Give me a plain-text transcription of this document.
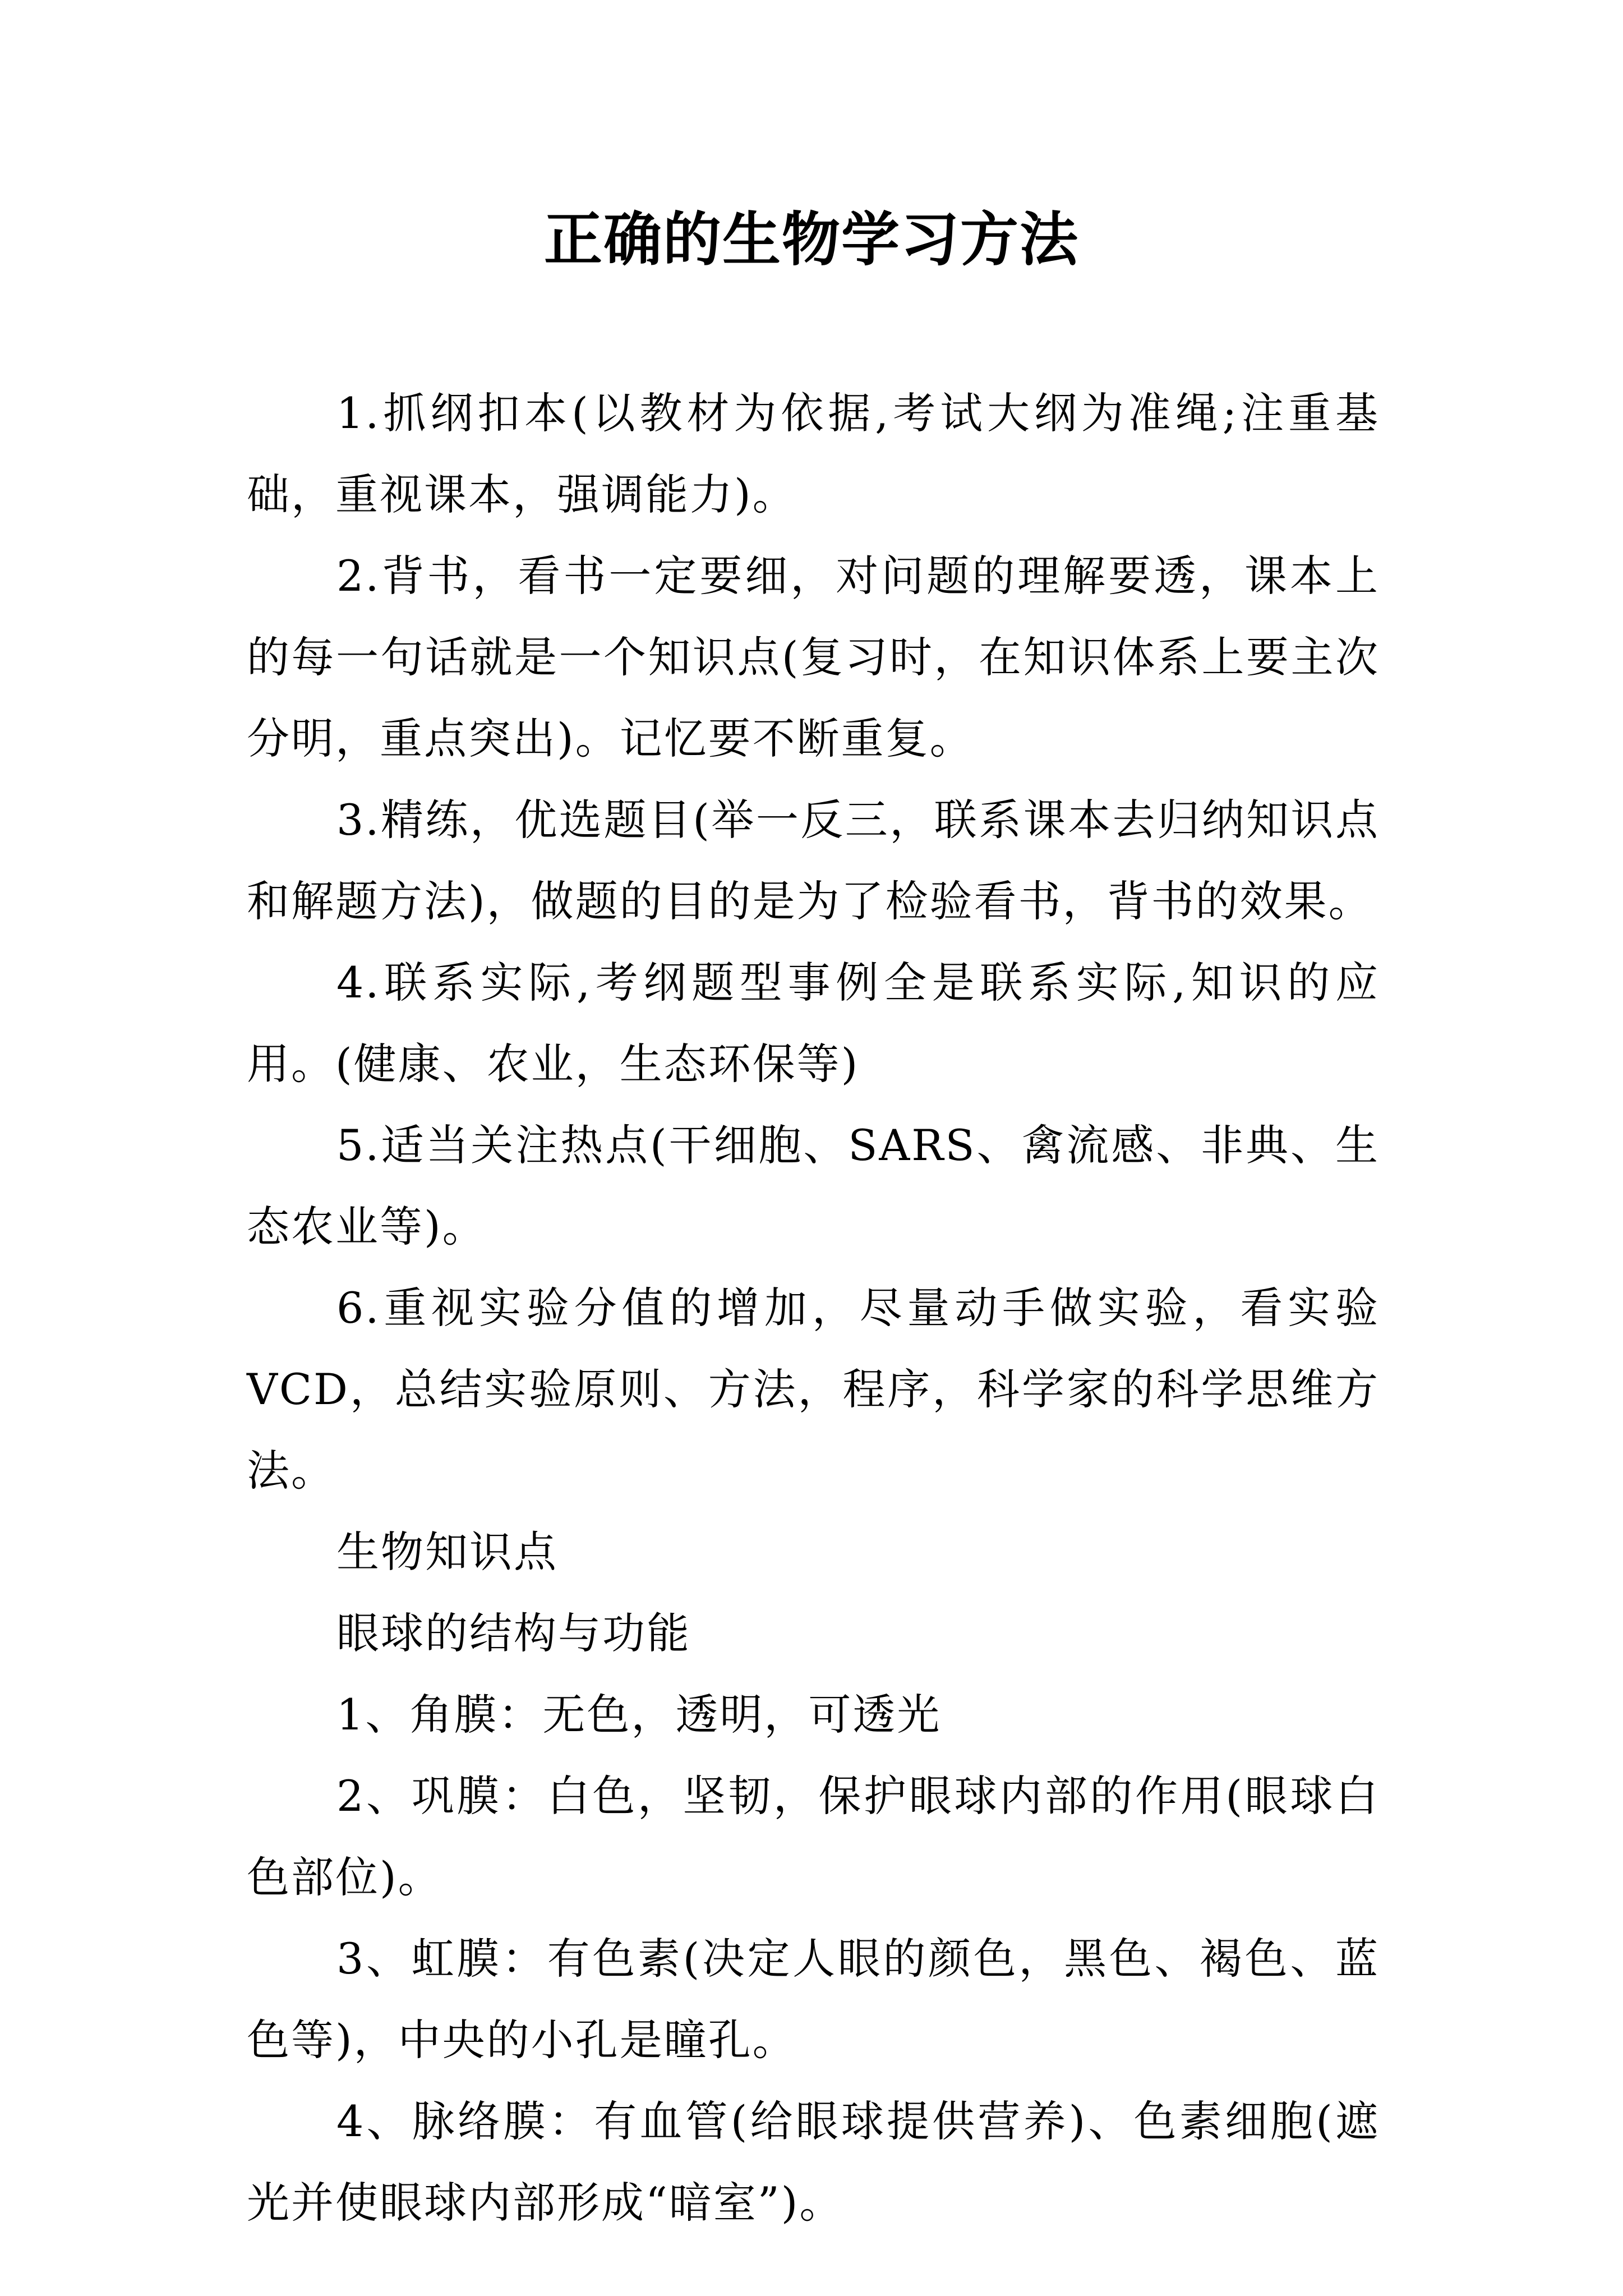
正确的生物学习方法

1.抓纲扣本(以教材为依据,考试大纲为准绳;注重基础，重视课本，强调能力)。

2.背书，看书一定要细，对问题的理解要透，课本上的每一句话就是一个知识点(复习时，在知识体系上要主次分明，重点突出)。记忆要不断重复。

3.精练，优选题目(举一反三，联系课本去归纳知识点和解题方法)，做题的目的是为了检验看书，背书的效果。

4.联系实际,考纲题型事例全是联系实际,知识的应用。(健康、农业，生态环保等)

5.适当关注热点(干细胞、SARS、禽流感、非典、生态农业等)。

6.重视实验分值的增加，尽量动手做实验，看实验VCD，总结实验原则、方法，程序，科学家的科学思维方法。

生物知识点

眼球的结构与功能

1、角膜：无色，透明，可透光

2、巩膜：白色，坚韧，保护眼球内部的作用(眼球白色部位)。

3、虹膜：有色素(决定人眼的颜色，黑色、褐色、蓝色等)，中央的小孔是瞳孔。

4、脉络膜：有血管(给眼球提供营养)、色素细胞(遮光并使眼球内部形成“暗室”)。
